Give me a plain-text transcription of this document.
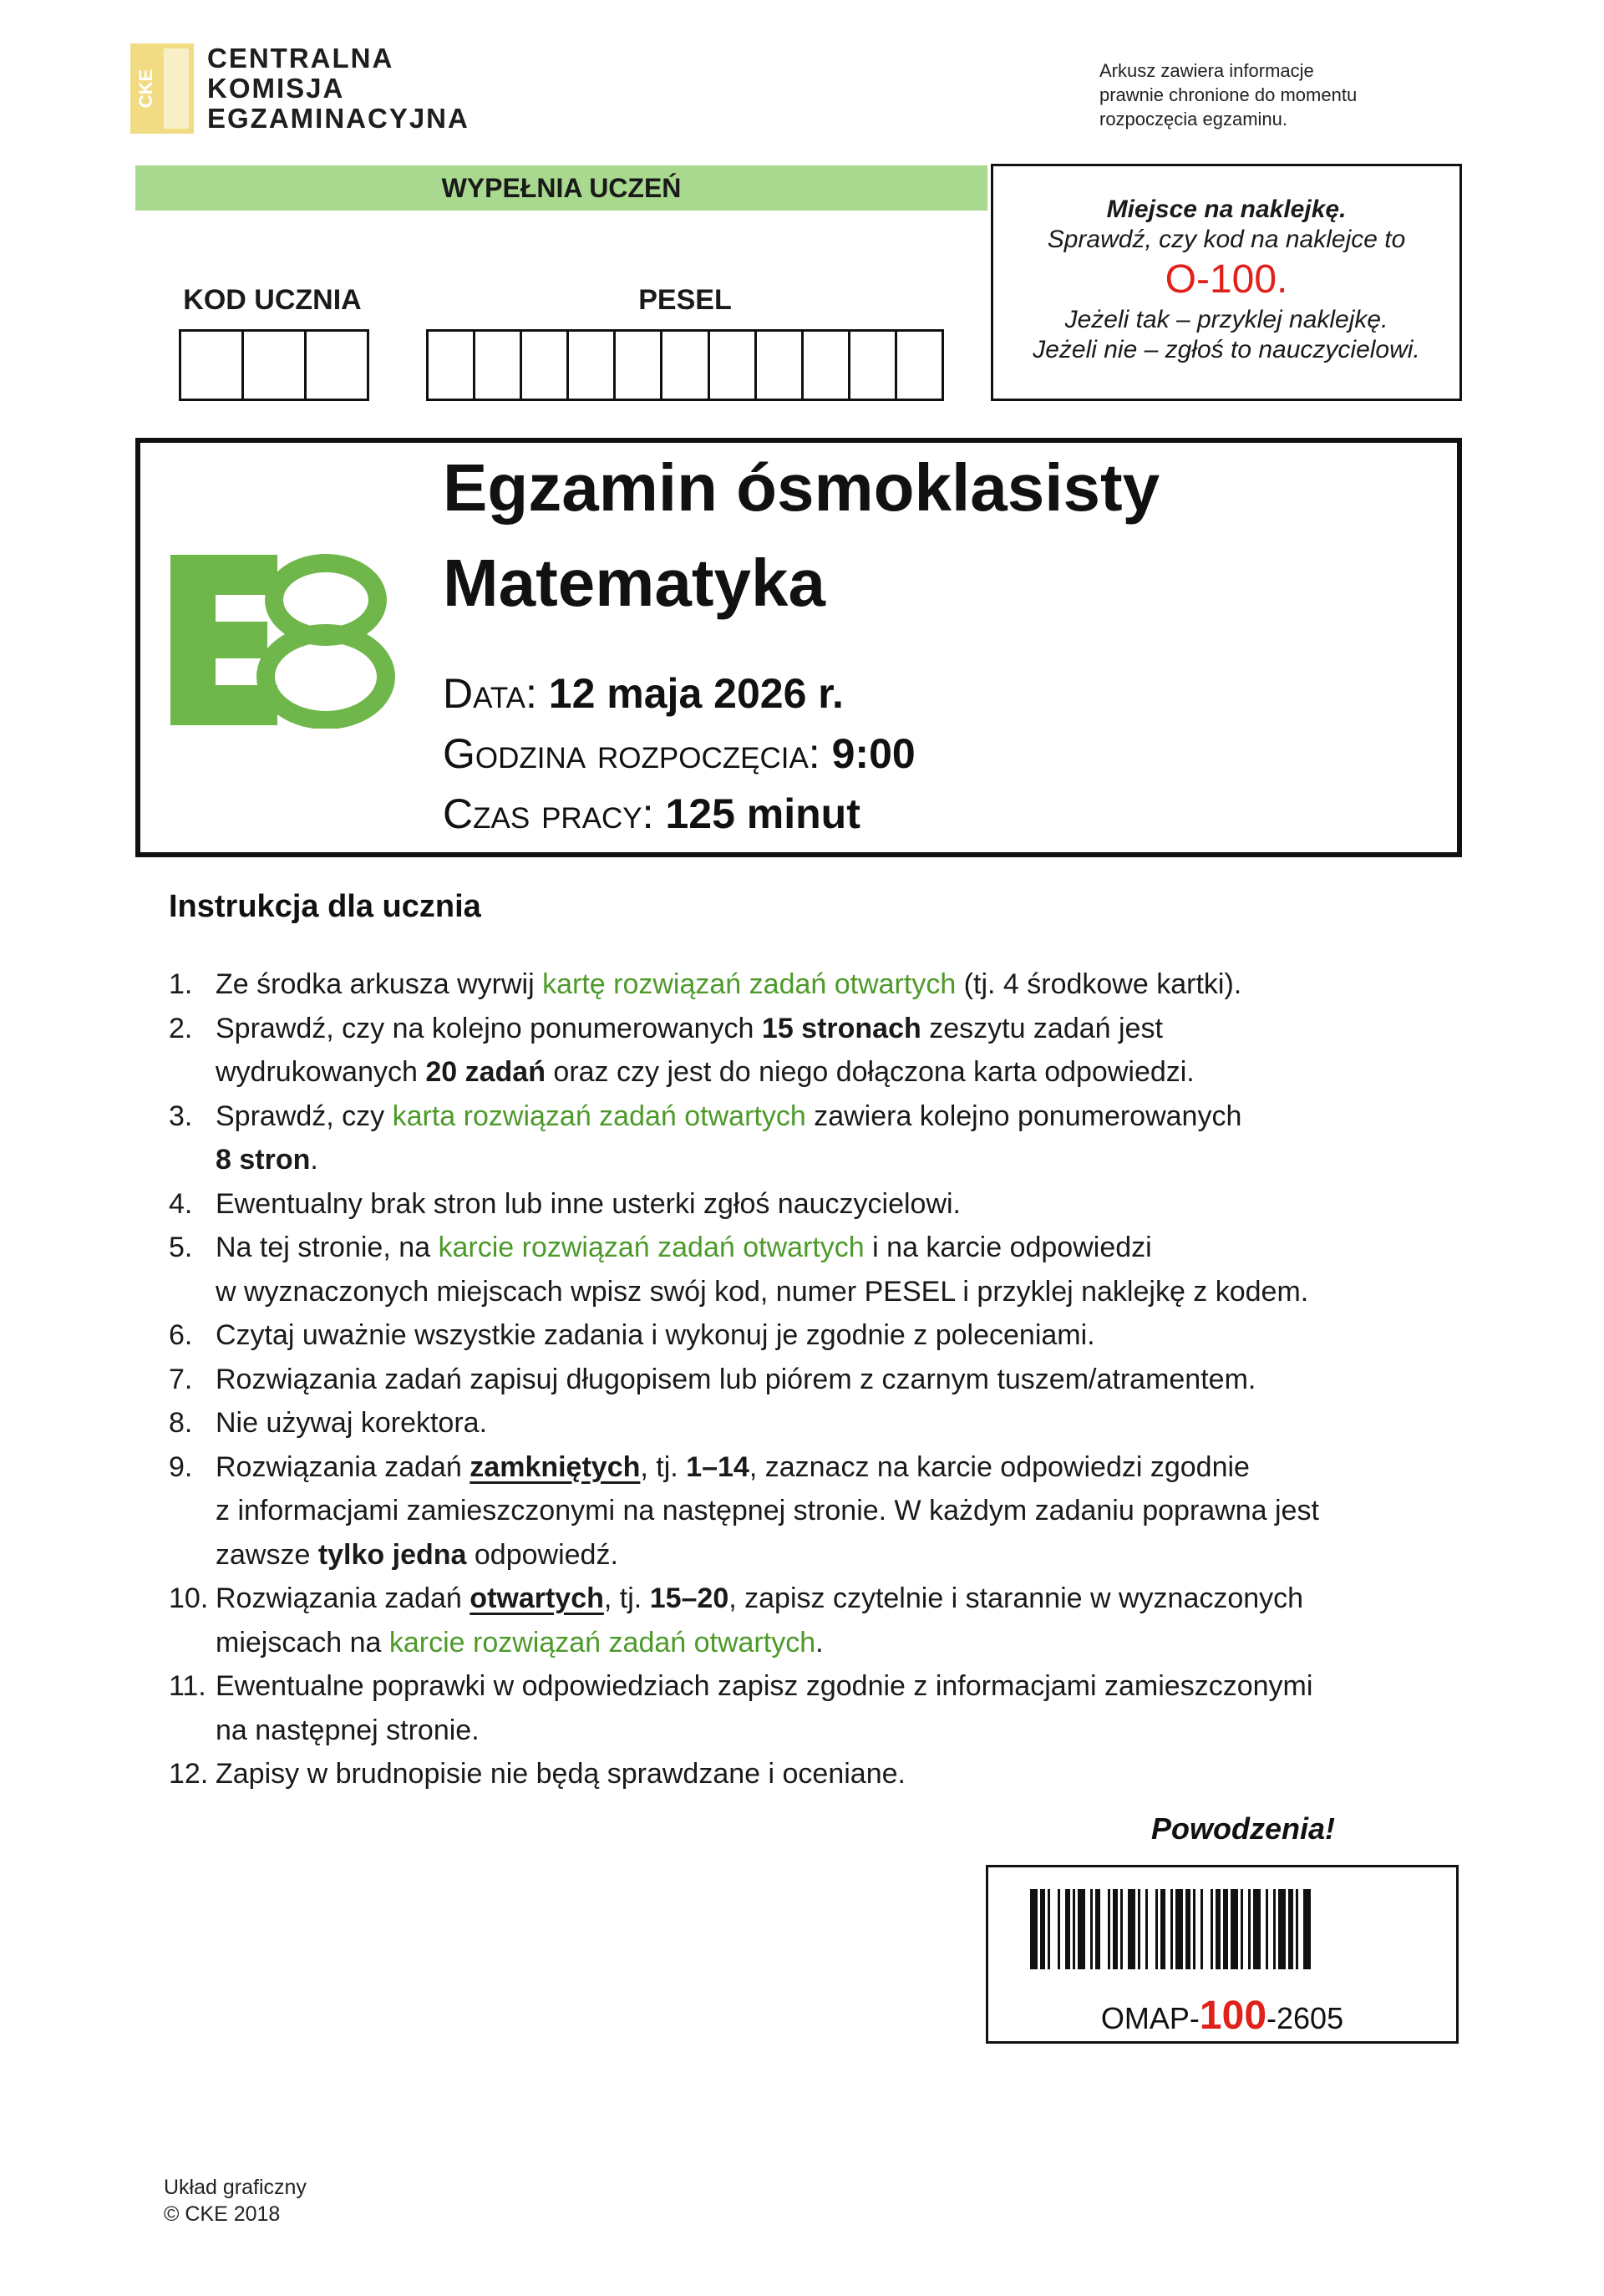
CKE
CENTRALNA
KOMISJA
EGZAMINACYJNA
Arkusz zawiera informacje
prawnie chronione do momentu
rozpoczęcia egzaminu.
WYPEŁNIA UCZEŃ
KOD UCZNIA	PESEL
Miejsce na naklejkę.
Sprawdź, czy kod na naklejce to
O-100.
Jeżeli tak – przyklej naklejkę.
Jeżeli nie – zgłoś to nauczycielowi.
Egzamin ósmoklasisty
Matematyka
Data: 12 maja 2026 r.
Godzina rozpoczęcia: 9:00
Czas pracy: 125 minut
Instrukcja dla ucznia
1. Ze środka arkusza wyrwij kartę rozwiązań zadań otwartych (tj. 4 środkowe kartki).
2. Sprawdź, czy na kolejno ponumerowanych 15 stronach zeszytu zadań jest
wydrukowanych 20 zadań oraz czy jest do niego dołączona karta odpowiedzi.
3. Sprawdź, czy karta rozwiązań zadań otwartych zawiera kolejno ponumerowanych
8 stron.
4. Ewentualny brak stron lub inne usterki zgłoś nauczycielowi.
5. Na tej stronie, na karcie rozwiązań zadań otwartych i na karcie odpowiedzi
w wyznaczonych miejscach wpisz swój kod, numer PESEL i przyklej naklejkę z kodem.
6. Czytaj uważnie wszystkie zadania i wykonuj je zgodnie z poleceniami.
7. Rozwiązania zadań zapisuj długopisem lub piórem z czarnym tuszem/atramentem.
8. Nie używaj korektora.
9. Rozwiązania zadań zamkniętych, tj. 1–14, zaznacz na karcie odpowiedzi zgodnie
z informacjami zamieszczonymi na następnej stronie. W każdym zadaniu poprawna jest
zawsze tylko jedna odpowiedź.
10. Rozwiązania zadań otwartych, tj. 15–20, zapisz czytelnie i starannie w wyznaczonych
miejscach na karcie rozwiązań zadań otwartych.
11. Ewentualne poprawki w odpowiedziach zapisz zgodnie z informacjami zamieszczonymi
na następnej stronie.
12. Zapisy w brudnopisie nie będą sprawdzane i oceniane.
Powodzenia!
OMAP-100-2605
Układ graficzny
© CKE 2018
